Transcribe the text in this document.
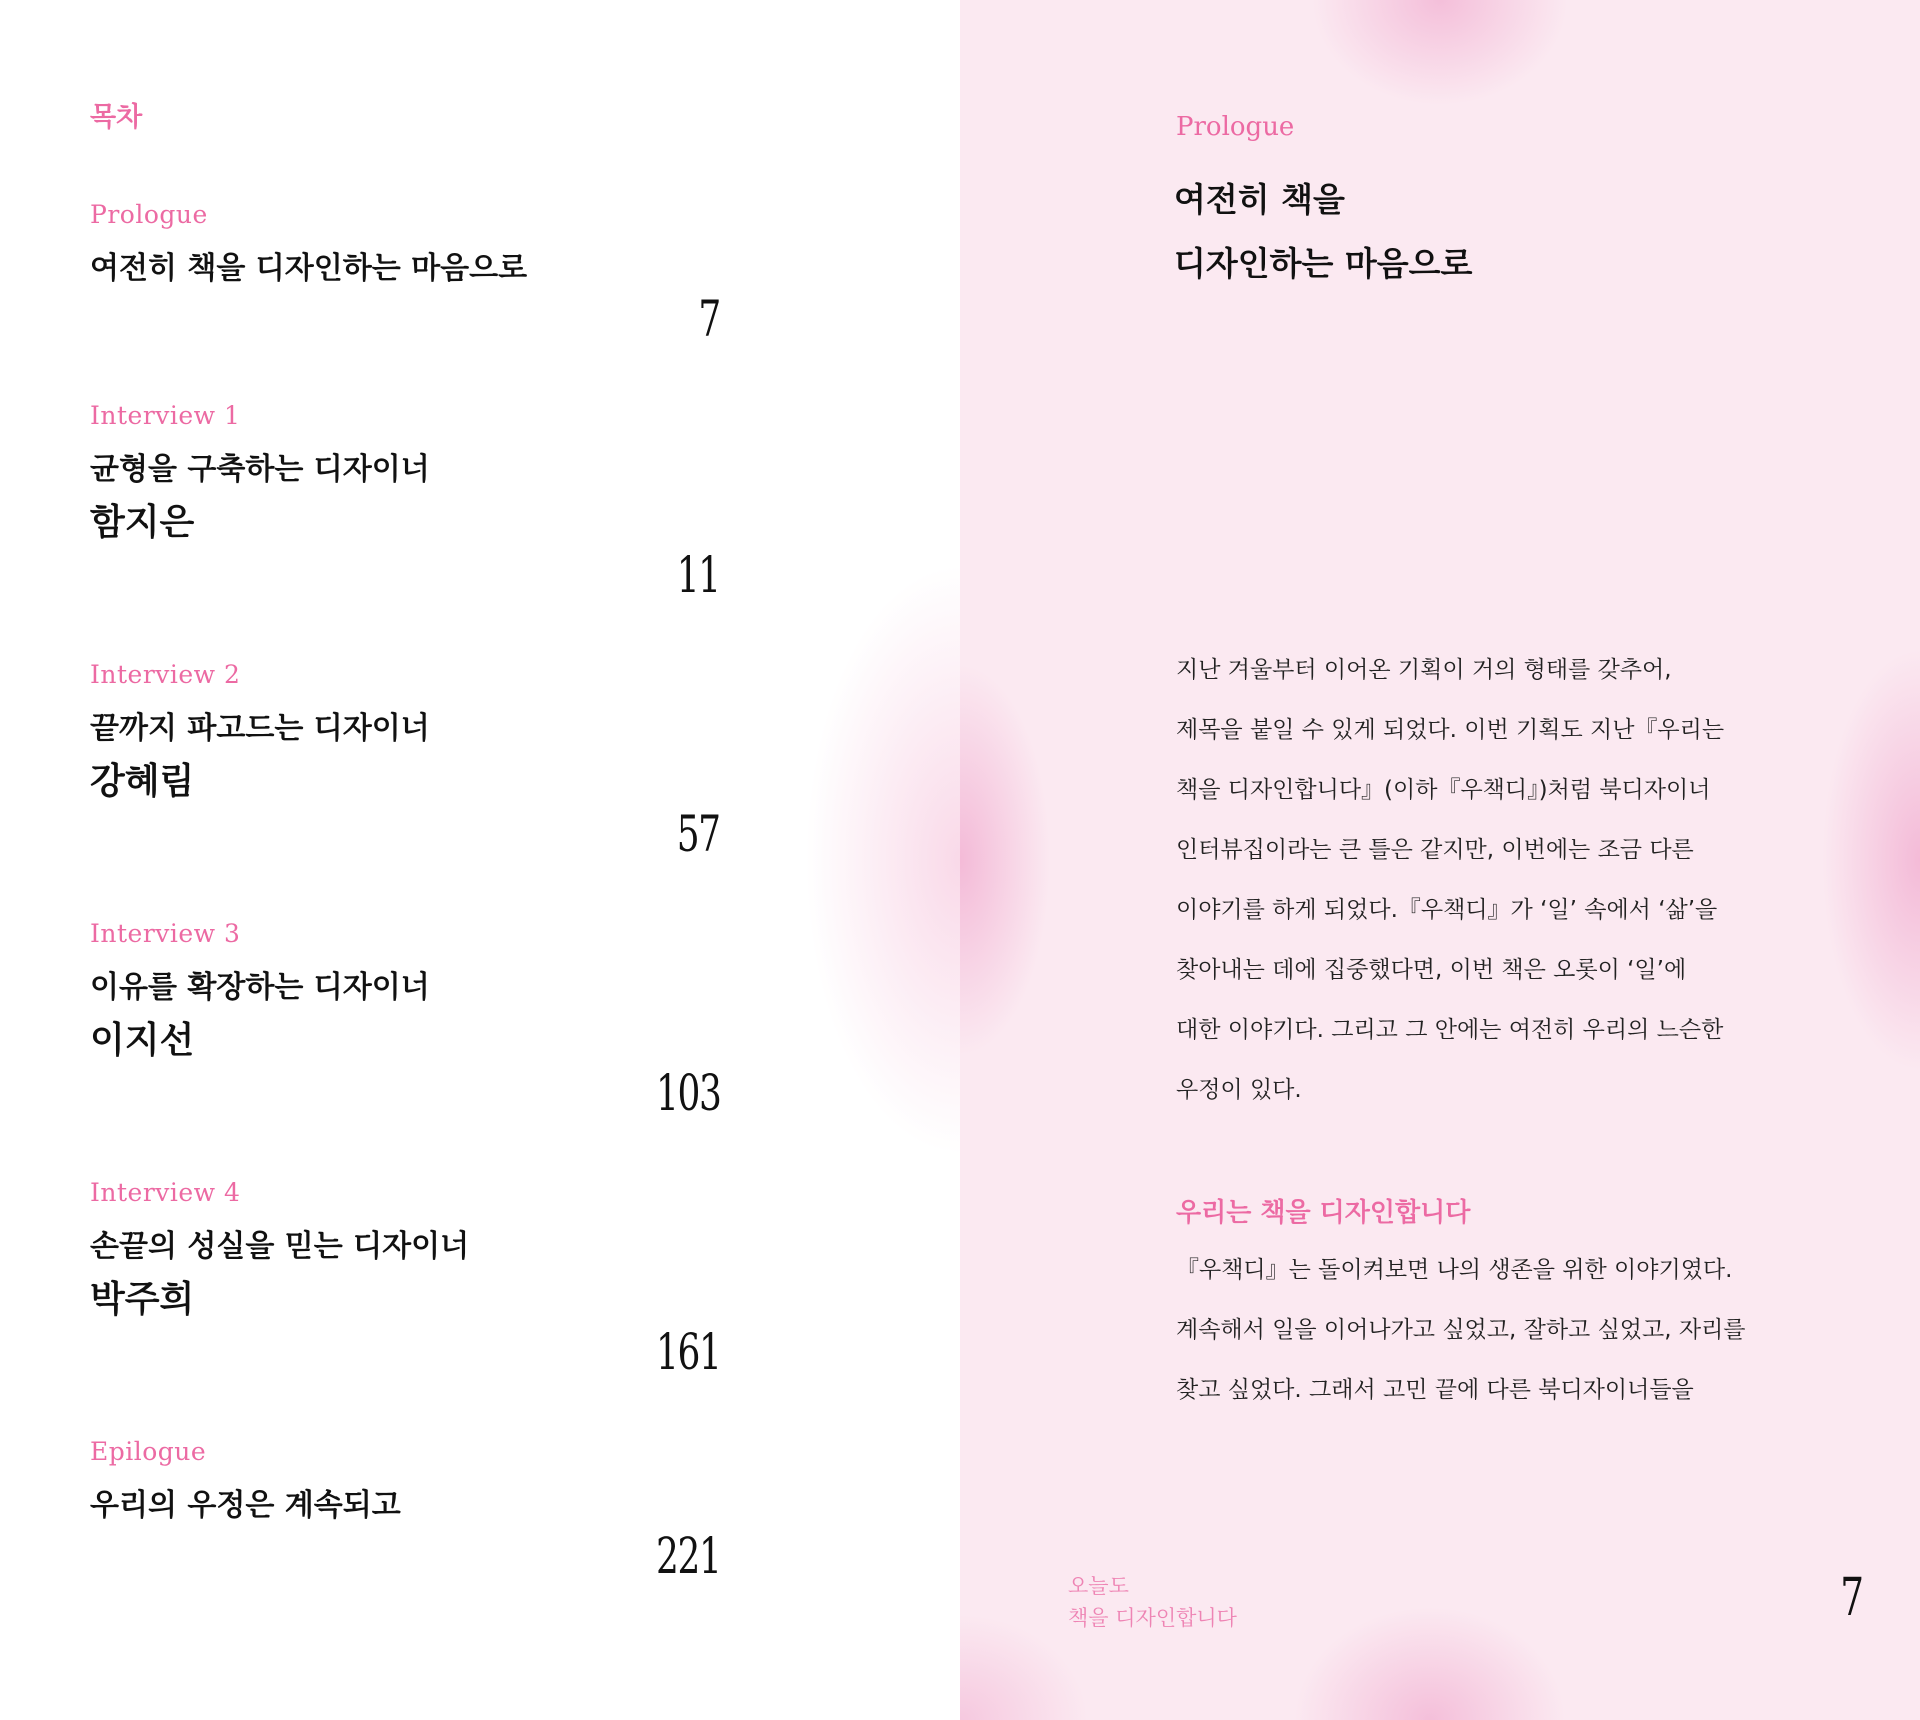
목차
Prologue
여전히 책을 디자인하는 마음으로
7
Interview 1
균형을 구축하는 디자이너
함지은
11
Interview 2
끝까지 파고드는 디자이너
강혜림
57
Interview 3
이유를 확장하는 디자이너
이지선
103
Interview 4
손끝의 성실을 믿는 디자이너
박주희
161
Epilogue
우리의 우정은 계속되고
221
Prologue
여전히 책을
디자인하는 마음으로
지난 겨울부터 이어온 기획이 거의 형태를 갖추어,
제목을 붙일 수 있게 되었다. 이번 기획도 지난『우리는
책을 디자인합니다』(이하『우책디』)처럼 북디자이너
인터뷰집이라는 큰 틀은 같지만, 이번에는 조금 다른
이야기를 하게 되었다.『우책디』가 ‘일’ 속에서 ‘삶’을
찾아내는 데에 집중했다면, 이번 책은 오롯이 ‘일’에
대한 이야기다. 그리고 그 안에는 여전히 우리의 느슨한
우정이 있다.
우리는 책을 디자인합니다
『우책디』는 돌이켜보면 나의 생존을 위한 이야기였다.
계속해서 일을 이어나가고 싶었고, 잘하고 싶었고, 자리를
찾고 싶었다. 그래서 고민 끝에 다른 북디자이너들을
오늘도
책을 디자인합니다	7
